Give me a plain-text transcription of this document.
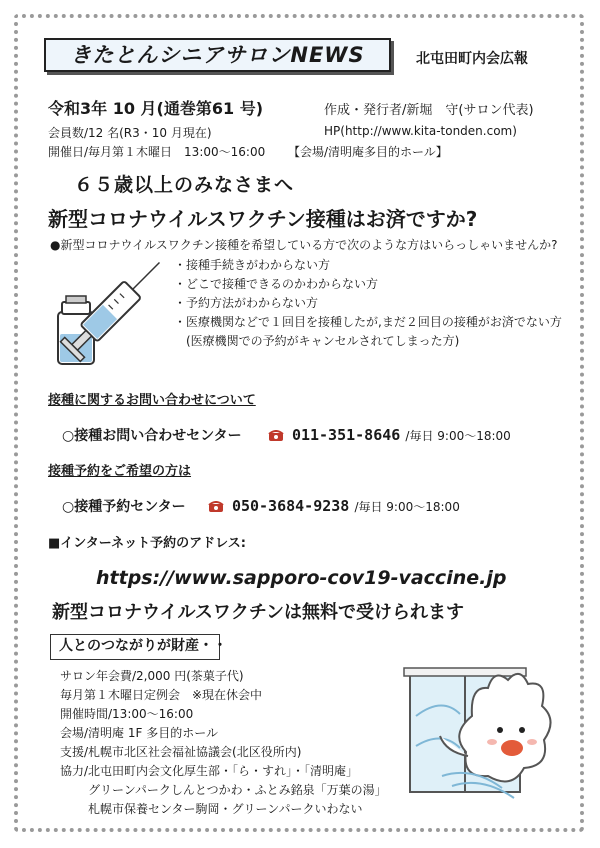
きたとんシニアサロンNEWS	北屯田町内会広報
令和3年 10 月(通巻第61 号)	作成・発行者/新堀　守(サロン代表)
会員数/12 名(R3・10 月現在)	HP(http://www.kita-tonden.com)
開催日/毎月第１木曜日　13:00～16:00 【会場/清明庵多目的ホール】
６５歳以上のみなさまへ
新型コロナウイルスワクチン接種はお済ですか?
●新型コロナウイルスワクチン接種を希望している方で次のような方はいらっしゃいませんか?
・接種手続きがわからない方
・どこで接種できるのかわからない方
・予約方法がわからない方
・医療機関などで１回目を接種したが,まだ２回目の接種がお済でない方
　(医療機関での予約がキャンセルされてしまった方)
接種に関するお問い合わせについて
○接種お問い合わせセンター	011-351-8646 /毎日 9:00～18:00
接種予約をご希望の方は
○接種予約センター	050-3684-9238 /毎日 9:00～18:00
■インターネット予約のアドレス:
https://www.sapporo-cov19-vaccine.jp
新型コロナウイルスワクチンは無料で受けられます
人とのつながりが財産・・
サロン年会費/2,000 円(茶菓子代)
毎月第１木曜日定例会　※現在休会中
開催時間/13:00～16:00
会場/清明庵 1F 多目的ホール
支援/札幌市北区社会福祉協議会(北区役所内)
協力/北屯田町内会文化厚生部・「ら・すれ」・「清明庵」
グリーンパークしんとつかわ・ふとみ銘泉「万葉の湯」
札幌市保養センター駒岡・グリーンパークいわない
